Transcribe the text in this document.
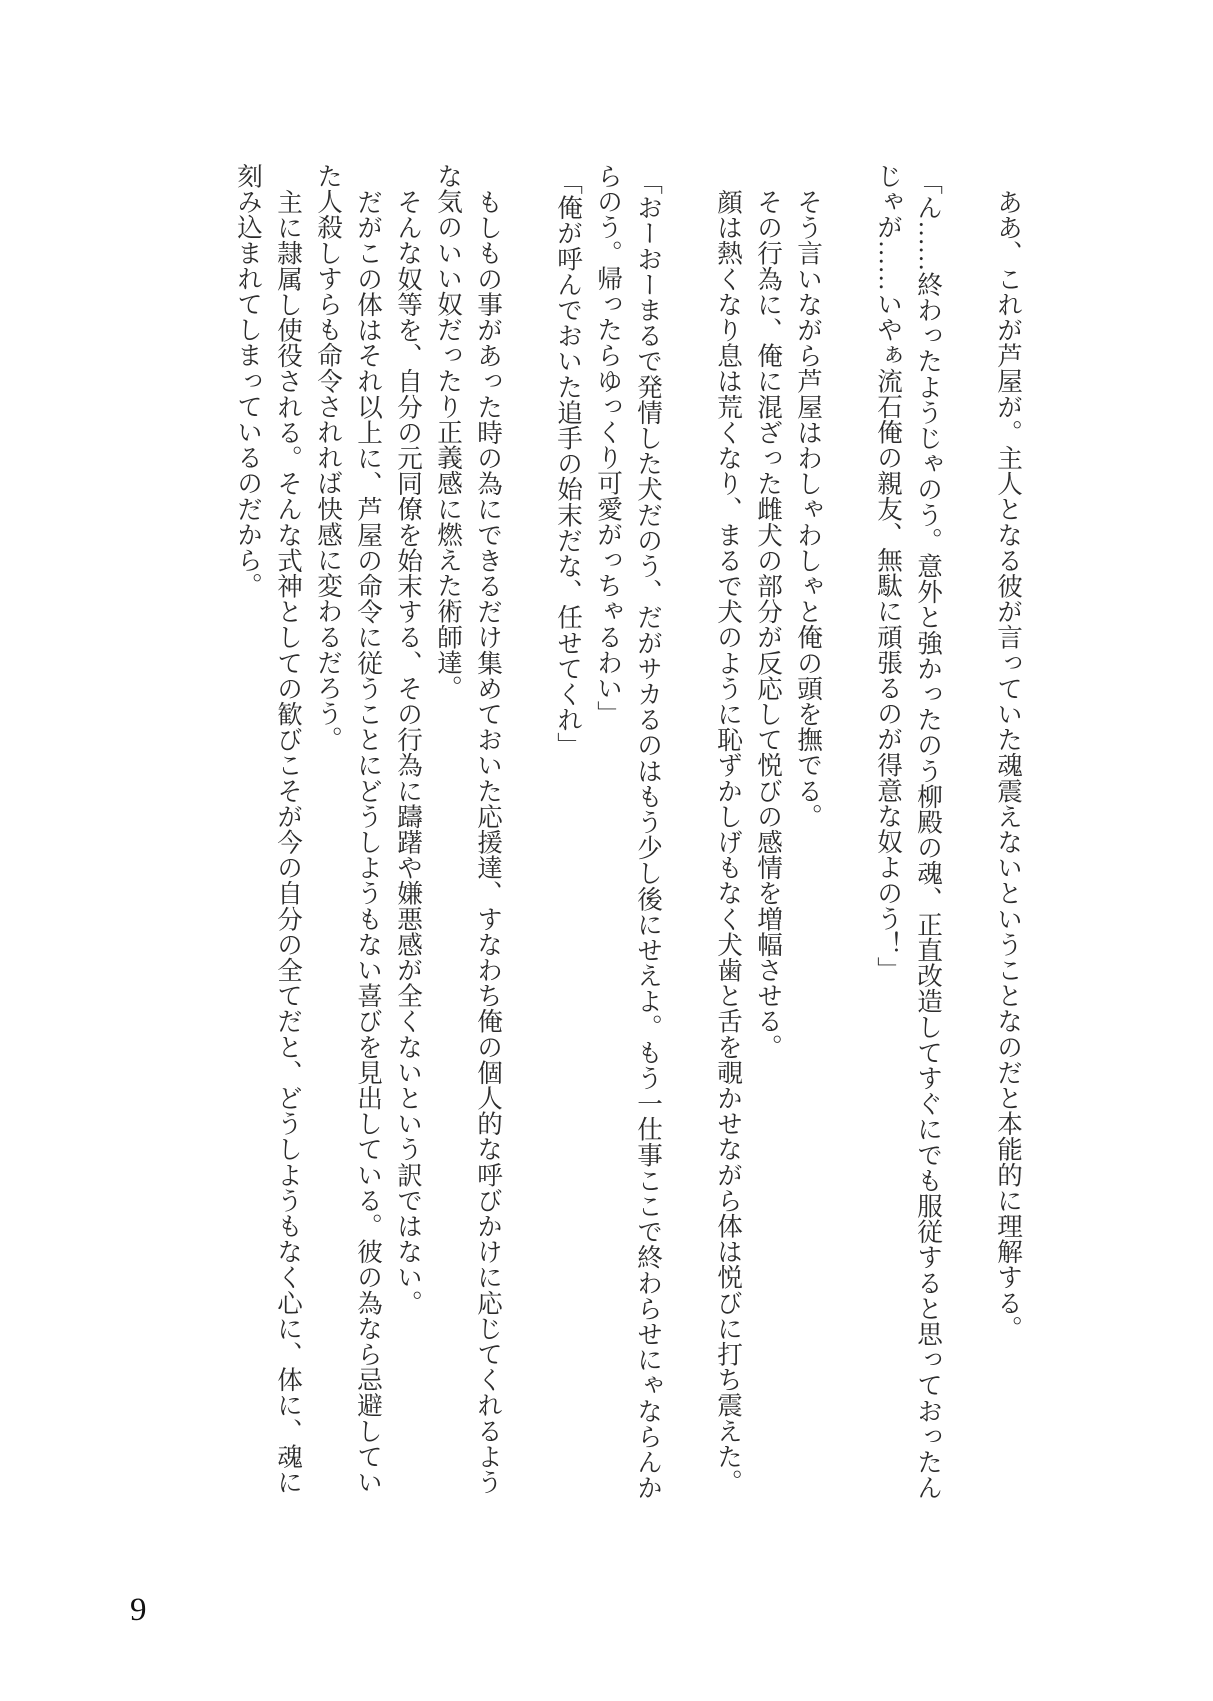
ああ、これが芦屋が。主人となる彼が言っていた魂震えないということなのだと本能的に理解する。
「ん……終わったようじゃのう。意外と強かったのう柳殿の魂、正直改造してすぐにでも服従すると思っておったん
じゃが……いやぁ流石俺の親友、無駄に頑張るのが得意な奴よのう！」
そう言いながら芦屋はわしゃわしゃと俺の頭を撫でる。
その行為に、俺に混ざった雌犬の部分が反応して悦びの感情を増幅させる。
顔は熱くなり息は荒くなり、まるで犬のように恥ずかしげもなく犬歯と舌を覗かせながら体は悦びに打ち震えた。
「おーおーまるで発情した犬だのう、だがサカるのはもう少し後にせえよ。もう一仕事ここで終わらせにゃならんか
らのう。帰ったらゆっくり可愛がっちゃるわい」
「俺が呼んでおいた追手の始末だな、任せてくれ」
もしもの事があった時の為にできるだけ集めておいた応援達、すなわち俺の個人的な呼びかけに応じてくれるよう
な気のいい奴だったり正義感に燃えた術師達。
そんな奴等を、自分の元同僚を始末する、その行為に躊躇や嫌悪感が全くないという訳ではない。
だがこの体はそれ以上に、芦屋の命令に従うことにどうしようもない喜びを見出している。彼の為なら忌避してい
た人殺しすらも命令されれば快感に変わるだろう。
主に隷属し使役される。そんな式神としての歓びこそが今の自分の全てだと、どうしようもなく心に、体に、魂に
刻み込まれてしまっているのだから。
9
